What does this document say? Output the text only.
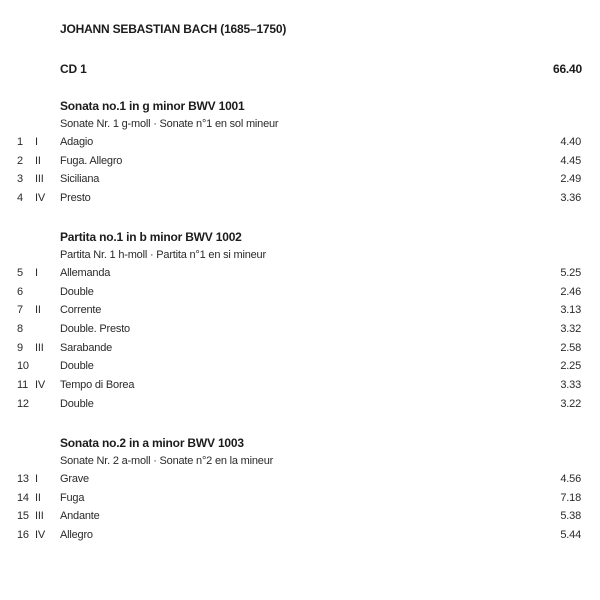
JOHANN SEBASTIAN BACH (1685–1750)
CD 1	66.40
Sonata no.1 in g minor BWV 1001
Sonate Nr. 1 g-moll · Sonate n°1 en sol mineur
1 I Adagio	4.40
2 II Fuga. Allegro	4.45
3 III Siciliana	2.49
4 IV Presto	3.36
Partita no.1 in b minor BWV 1002
Partita Nr. 1 h-moll · Partita n°1 en si mineur
5 I Allemanda	5.25
6	Double	2.46
7 II Corrente	3.13
8	Double. Presto	3.32
9 III Sarabande	2.58
10	Double	2.25
11 IV Tempo di Borea	3.33
12	Double	3.22
Sonata no.2 in a minor BWV 1003
Sonate Nr. 2 a-moll · Sonate n°2 en la mineur
13 I Grave	4.56
14 II Fuga	7.18
15 III Andante	5.38
16 IV Allegro	5.44
